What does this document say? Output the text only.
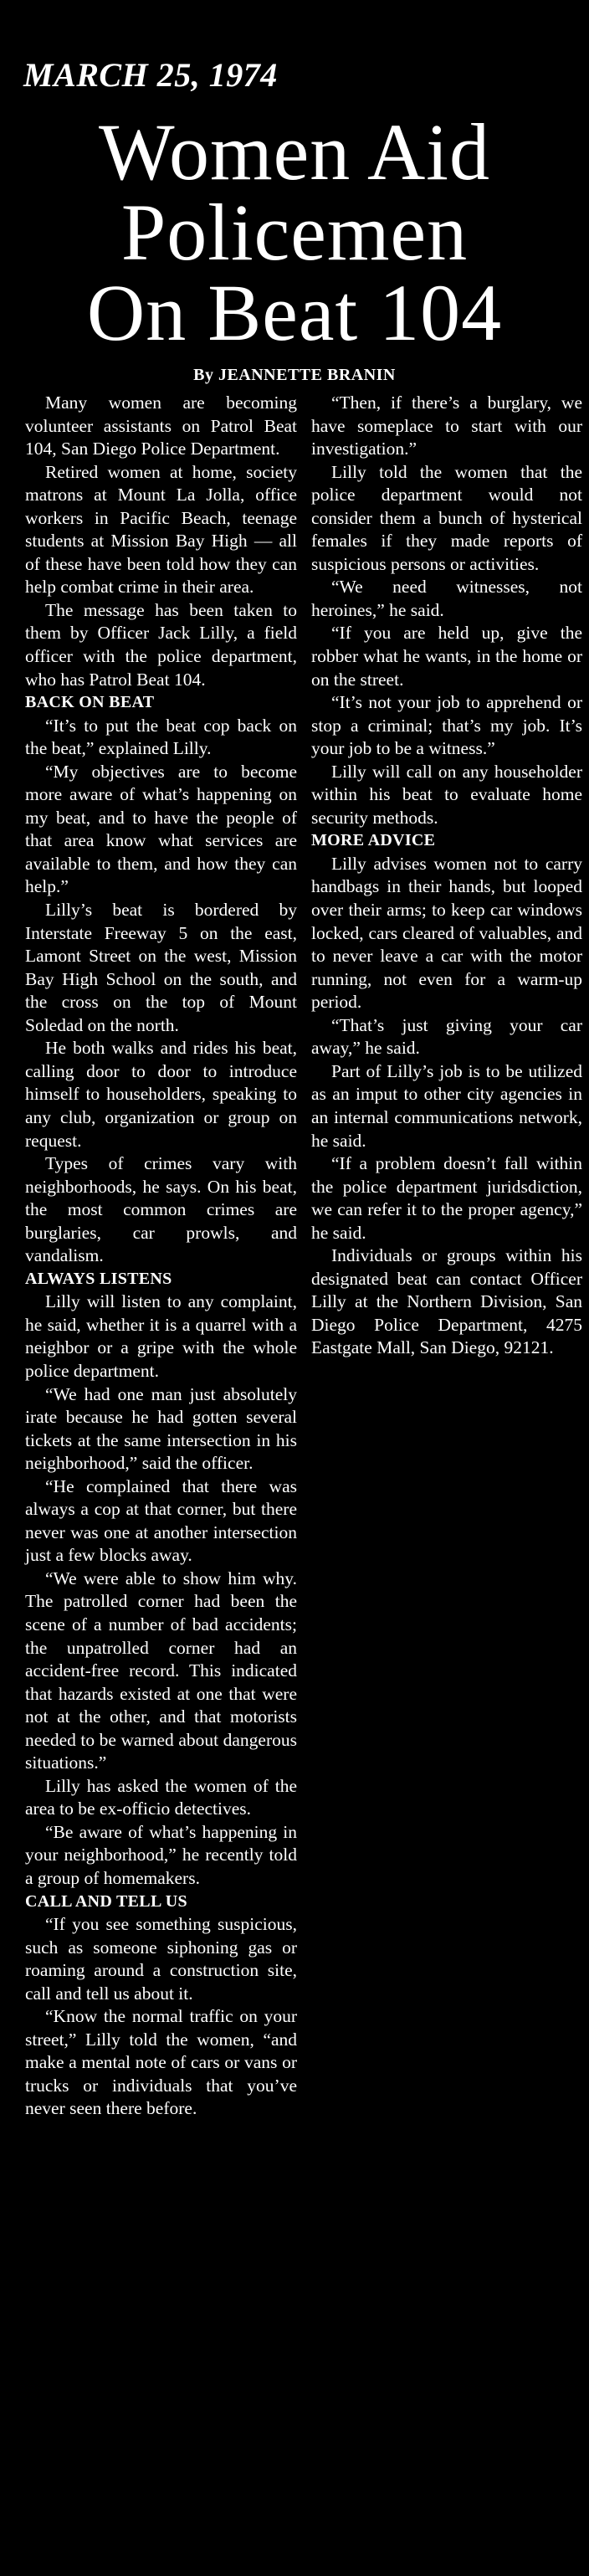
MARCH 25, 1974
Women Aid
Policemen
On Beat 104
By JEANNETTE BRANIN

Many women are becoming volunteer assistants on Patrol Beat 104, San Diego Police Department.

Retired women at home, society matrons at Mount La Jolla, office workers in Pacific Beach, teenage students at Mission Bay High — all of these have been told how they can help combat crime in their area.

The message has been taken to them by Officer Jack Lilly, a field officer with the police department, who has Patrol Beat 104.

BACK ON BEAT

“It’s to put the beat cop back on the beat,” explained Lilly.

“My objectives are to become more aware of what’s happening on my beat, and to have the people of that area know what services are available to them, and how they can help.”

Lilly’s beat is bordered by Interstate Freeway 5 on the east, Lamont Street on the west, Mission Bay High School on the south, and the cross on the top of Mount Soledad on the north.

He both walks and rides his beat, calling door to door to introduce himself to householders, speaking to any club, organization or group on request.

Types of crimes vary with neighborhoods, he says. On his beat, the most common crimes are burglaries, car prowls, and vandalism.

ALWAYS LISTENS

Lilly will listen to any complaint, he said, whether it is a quarrel with a neighbor or a gripe with the whole police department.

“We had one man just absolutely irate because he had gotten several tickets at the same intersection in his neighborhood,” said the officer.

“He complained that there was always a cop at that corner, but there never was one at another intersection just a few blocks away.

“We were able to show him why. The patrolled corner had been the scene of a number of bad accidents; the unpatrolled corner had an accident-free record. This indicated that hazards existed at one that were not at the other, and that motorists needed to be warned about dangerous situations.”

Lilly has asked the women of the area to be ex-officio detectives.

“Be aware of what’s happening in your neighborhood,” he recently told a group of homemakers.

CALL AND TELL US

“If you see something suspicious, such as someone siphoning gas or roaming around a construction site, call and tell us about it.

“Know the normal traffic on your street,” Lilly told the women, “and make a mental note of cars or vans or trucks or individuals that you’ve never seen there before.

“Then, if there’s a burglary, we have someplace to start with our investigation.”

Lilly told the women that the police department would not consider them a bunch of hysterical females if they made reports of suspicious persons or activities.

“We need witnesses, not heroines,” he said.

“If you are held up, give the robber what he wants, in the home or on the street.

“It’s not your job to apprehend or stop a criminal; that’s my job. It’s your job to be a witness.”

Lilly will call on any householder within his beat to evaluate home security methods.

MORE ADVICE

Lilly advises women not to carry handbags in their hands, but looped over their arms; to keep car windows locked, cars cleared of valuables, and to never leave a car with the motor running, not even for a warm-up period.

“That’s just giving your car away,” he said.

Part of Lilly’s job is to be utilized as an imput to other city agencies in an internal communications network, he said.

“If a problem doesn’t fall within the police department juridsdiction, we can refer it to the proper agency,” he said.

Individuals or groups within his designated beat can contact Officer Lilly at the Northern Division, San Diego Police Department, 4275 Eastgate Mall, San Diego, 92121.
